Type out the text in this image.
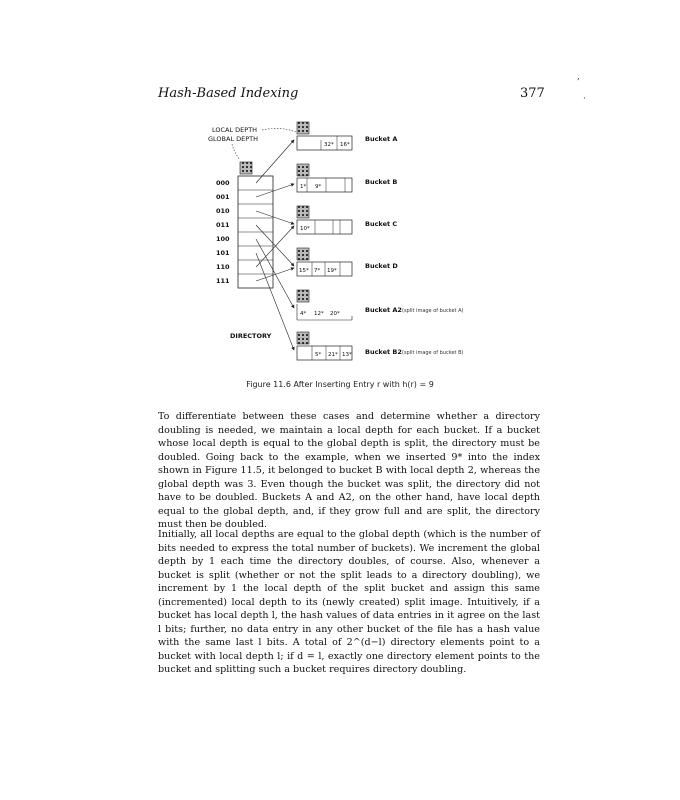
Hash-Based Indexing	377
,
·
LOCAL DEPTH
GLOBAL DEPTH
000
001
010
011
100
101
110
111
DIRECTORY
32* 16*
Bucket A
1* 9*
Bucket B
10*
Bucket C
15* 7* 19*
Bucket D
4* 12* 20*	Bucket A2 (split image of bucket A)
5* 21* 13* Bucket B2 (split image of bucket B)
Figure 11.6 After Inserting Entry r with h(r) = 9
To differentiate between these cases and determine whether a directory doubling is needed, we maintain a local depth for each bucket. If a bucket whose local depth is equal to the global depth is split, the directory must be doubled. Going back to the example, when we inserted 9* into the index shown in Figure 11.5, it belonged to bucket B with local depth 2, whereas the global depth was 3. Even though the bucket was split, the directory did not have to be doubled. Buckets A and A2, on the other hand, have local depth equal to the global depth, and, if they grow full and are split, the directory must then be doubled.
Initially, all local depths are equal to the global depth (which is the number of bits needed to express the total number of buckets). We increment the global depth by 1 each time the directory doubles, of course. Also, whenever a bucket is split (whether or not the split leads to a directory doubling), we increment by 1 the local depth of the split bucket and assign this same (incremented) local depth to its (newly created) split image. Intuitively, if a bucket has local depth l, the hash values of data entries in it agree on the last l bits; further, no data entry in any other bucket of the file has a hash value with the same last l bits. A total of 2^(d−l) directory elements point to a bucket with local depth l; if d = l, exactly one directory element points to the bucket and splitting such a bucket requires directory doubling.
